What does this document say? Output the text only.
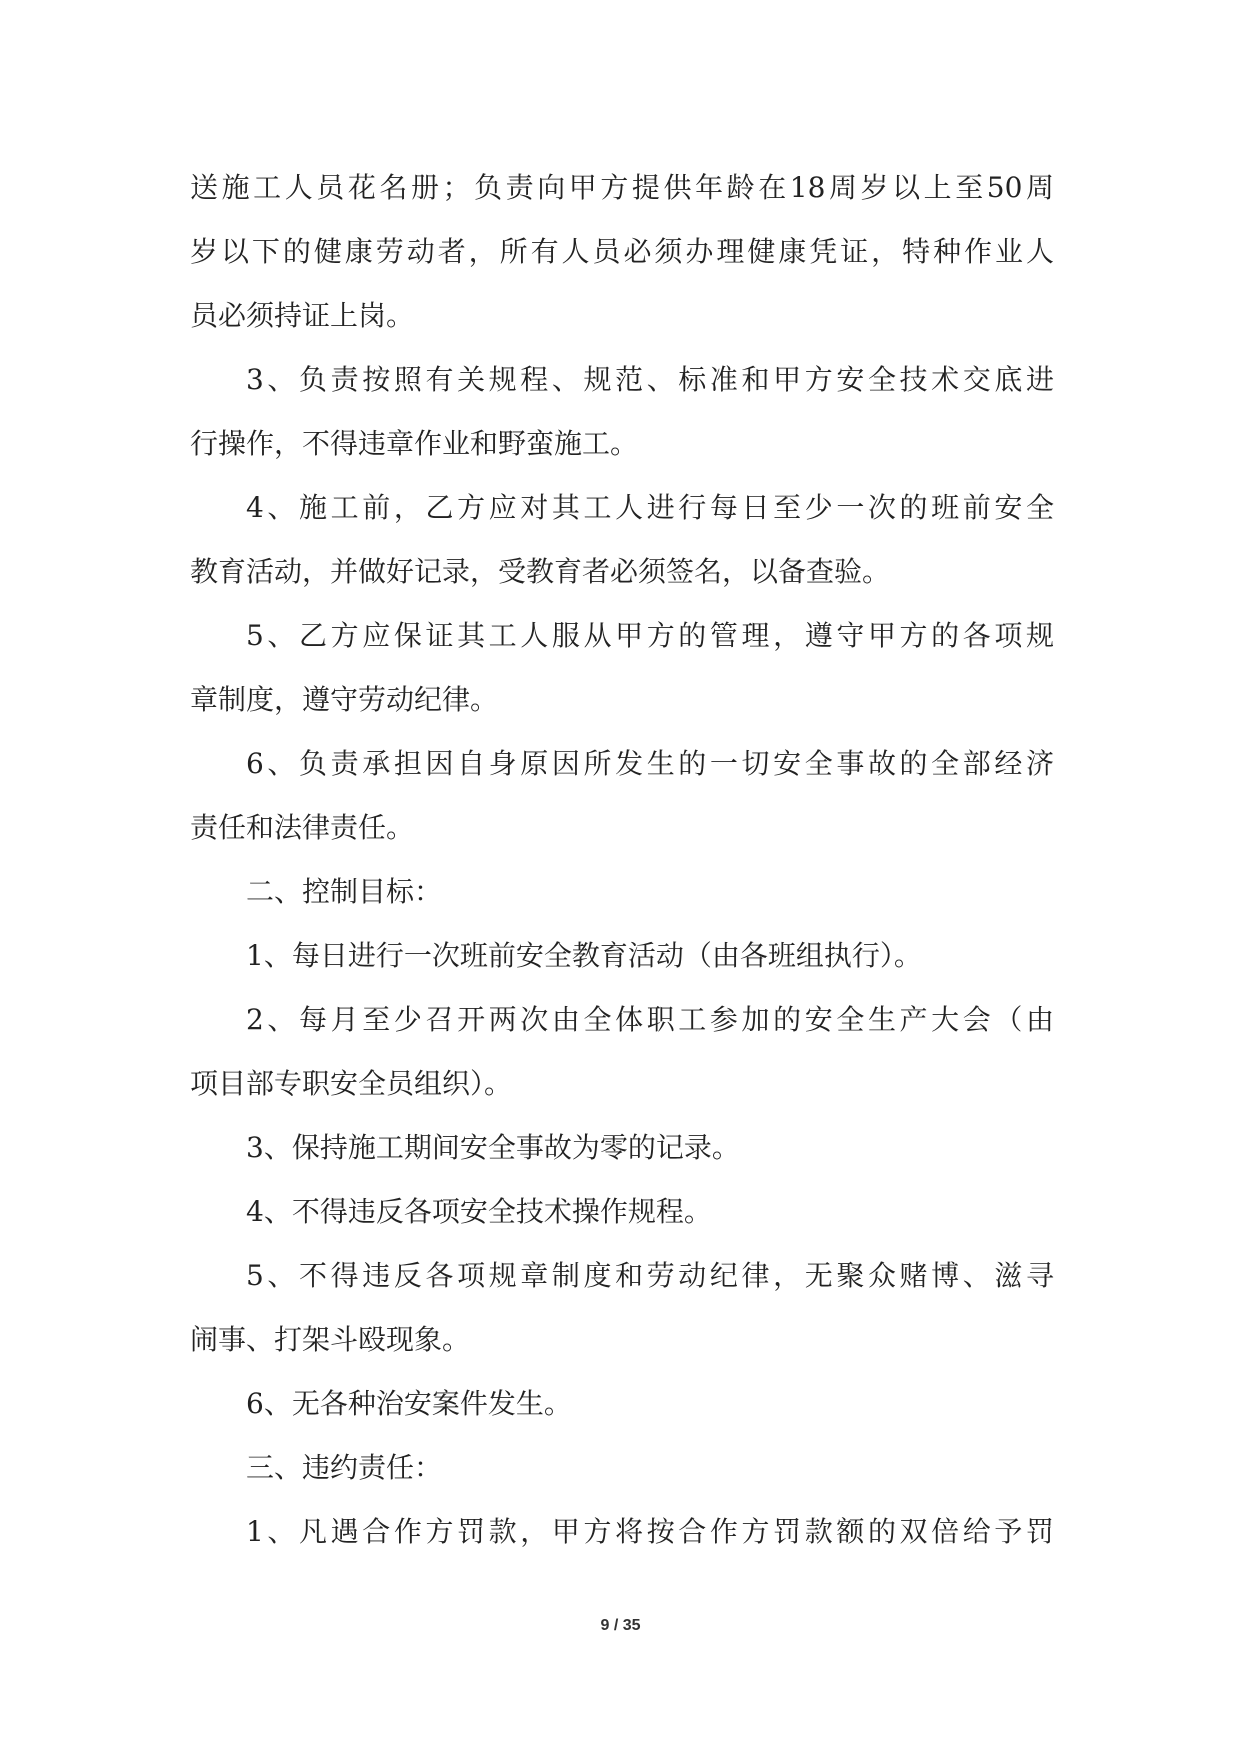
送施工人员花名册；负责向甲方提供年龄在18周岁以上至50周
岁以下的健康劳动者，所有人员必须办理健康凭证，特种作业人
员必须持证上岗。
3、负责按照有关规程、规范、标准和甲方安全技术交底进
行操作，不得违章作业和野蛮施工。
4、施工前，乙方应对其工人进行每日至少一次的班前安全
教育活动，并做好记录，受教育者必须签名，以备查验。
5、乙方应保证其工人服从甲方的管理，遵守甲方的各项规
章制度，遵守劳动纪律。
6、负责承担因自身原因所发生的一切安全事故的全部经济
责任和法律责任。
二、控制目标：
1、每日进行一次班前安全教育活动（由各班组执行）。
2、每月至少召开两次由全体职工参加的安全生产大会（由
项目部专职安全员组织）。
3、保持施工期间安全事故为零的记录。
4、不得违反各项安全技术操作规程。
5、不得违反各项规章制度和劳动纪律，无聚众赌博、滋寻
闹事、打架斗殴现象。
6、无各种治安案件发生。
三、违约责任：
1、凡遇合作方罚款，甲方将按合作方罚款额的双倍给予罚
9 / 35
